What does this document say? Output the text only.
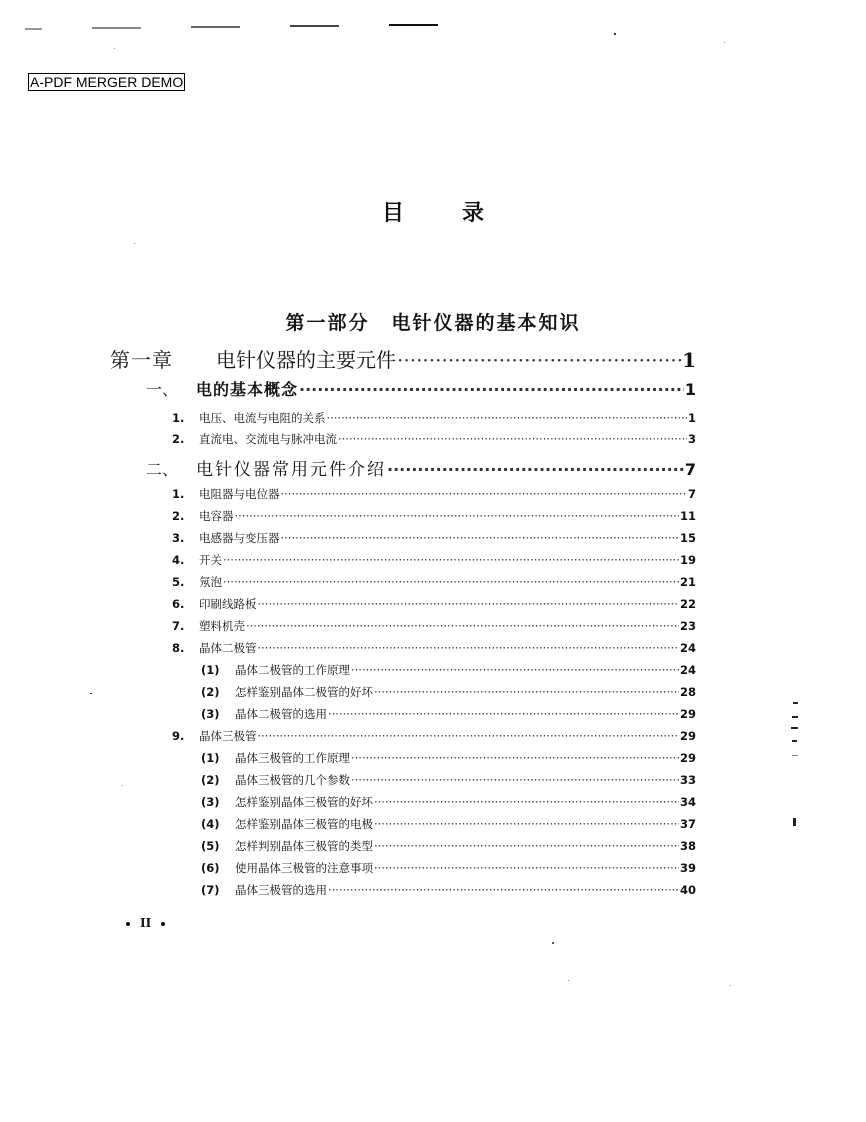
A-PDF MERGER DEMO
目	录
第一部分 电针仪器的基本知识
第一章	电针仪器的主要元件 ·····	1
一、	电的基本概念 ·····	1
1.	电压、电流与电阻的关系 ·····	1
2.	直流电、交流电与脉冲电流 ·····	3
二、	电针仪器常用元件介绍 ·····	7
1.	电阻器与电位器 ·····	7
2.	电容器 ·····	11
3.	电感器与变压器 ·····	15
4.	开关 ·····	19
5.	氖泡 ·····	21
6.	印刷线路板 ·····	22
7.	塑料机壳 ·····	23
8.	晶体二极管 ·····	24
(1)	晶体二极管的工作原理 ·····	24
(2)	怎样鉴别晶体二极管的好坏 ·····	28
(3)	晶体二极管的选用 ·····	29
9.	晶体三极管 ·····	29
(1)	晶体三极管的工作原理 ·····	29
(2)	晶体三极管的几个参数 ·····	33
(3)	怎样鉴别晶体三极管的好坏 ·····	34
(4)	怎样鉴别晶体三极管的电极 ·····	37
(5)	怎样判别晶体三极管的类型 ·····	38
(6)	使用晶体三极管的注意事项 ·····	39
(7)	晶体三极管的选用 ·····	40
II
